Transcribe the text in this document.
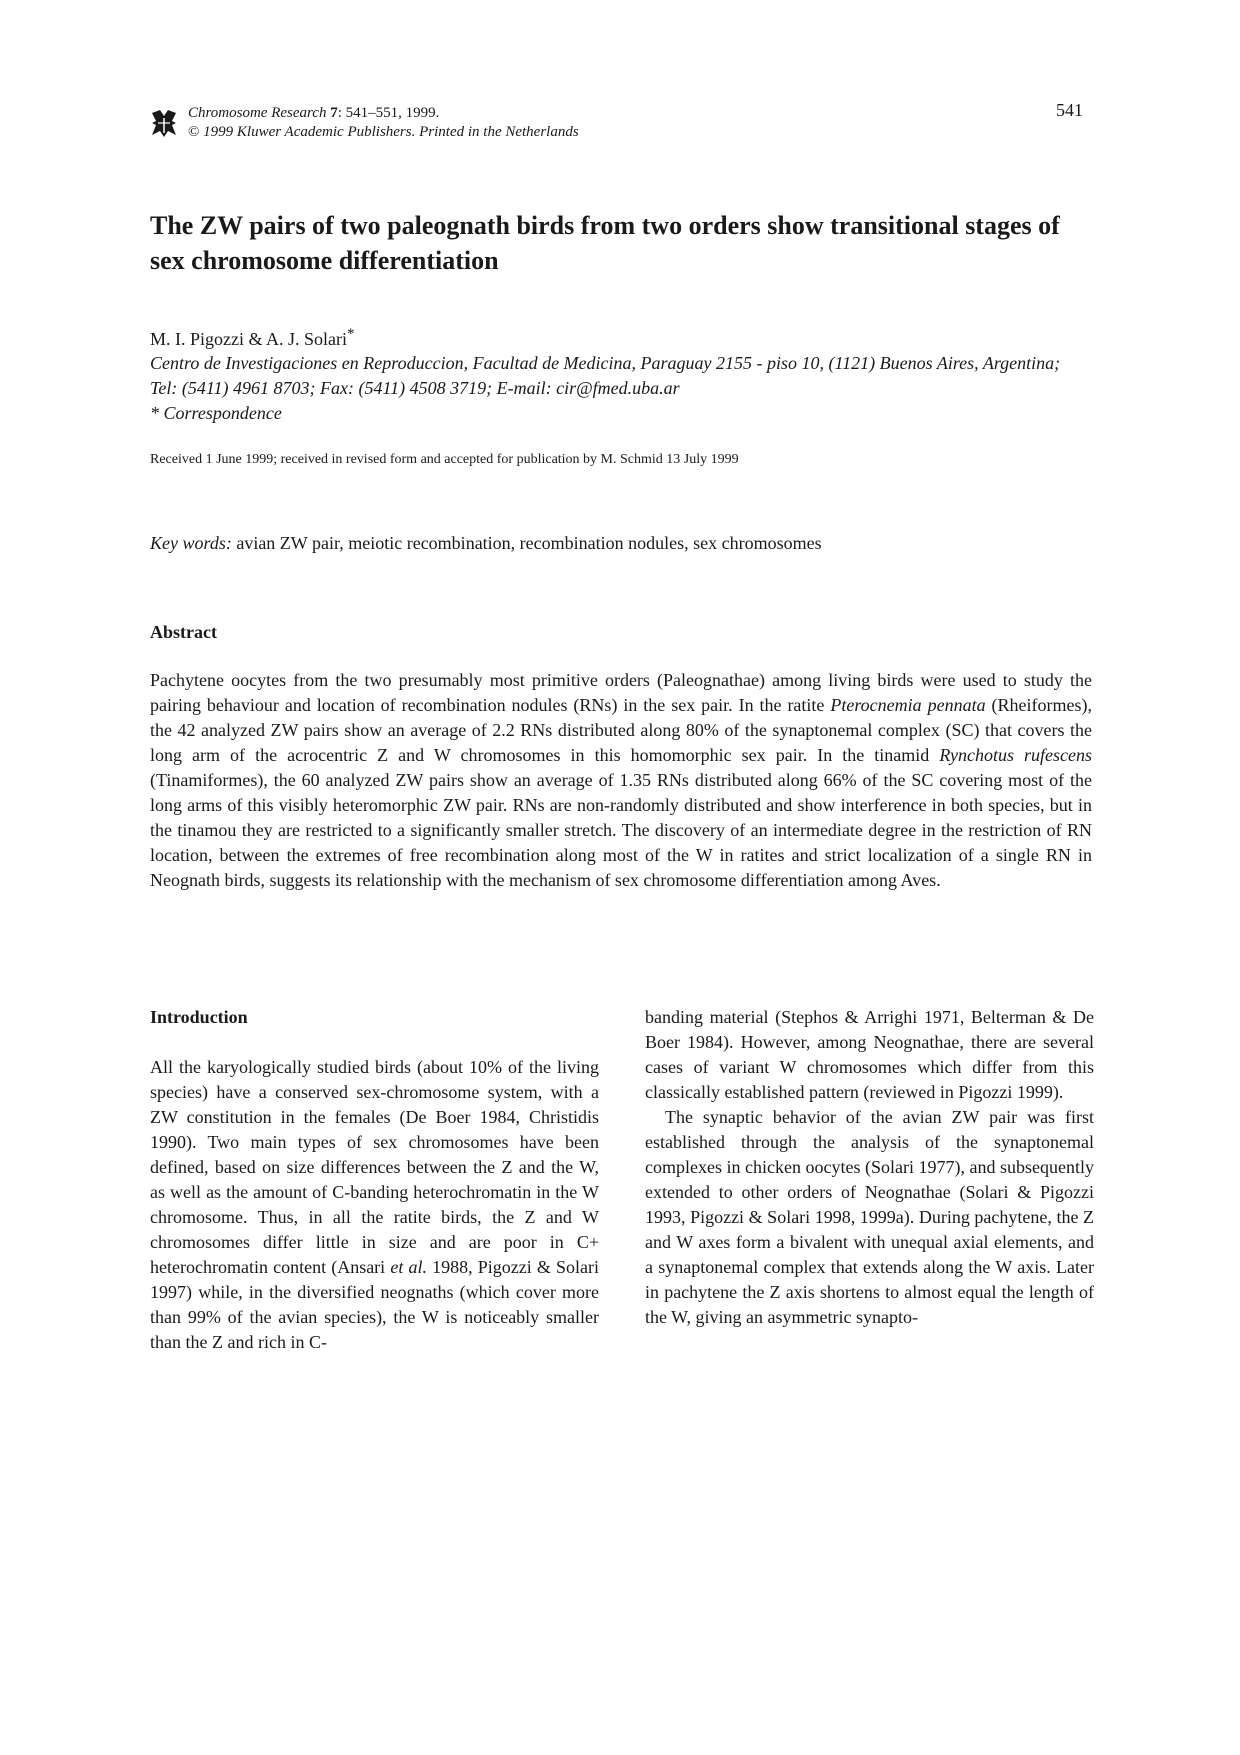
Chromosome Research 7: 541–551, 1999.
© 1999 Kluwer Academic Publishers. Printed in the Netherlands
541
The ZW pairs of two paleognath birds from two orders show transitional stages of sex chromosome differentiation
M. I. Pigozzi & A. J. Solari*
Centro de Investigaciones en Reproduccion, Facultad de Medicina, Paraguay 2155 - piso 10, (1121) Buenos Aires, Argentina; Tel: (5411) 4961 8703; Fax: (5411) 4508 3719; E-mail: cir@fmed.uba.ar
* Correspondence
Received 1 June 1999; received in revised form and accepted for publication by M. Schmid 13 July 1999
Key words: avian ZW pair, meiotic recombination, recombination nodules, sex chromosomes
Abstract

Pachytene oocytes from the two presumably most primitive orders (Paleognathae) among living birds were used to study the pairing behaviour and location of recombination nodules (RNs) in the sex pair. In the ratite Pterocnemia pennata (Rheiformes), the 42 analyzed ZW pairs show an average of 2.2 RNs distributed along 80% of the synaptonemal complex (SC) that covers the long arm of the acrocentric Z and W chromosomes in this homomorphic sex pair. In the tinamid Rynchotus rufescens (Tinamiformes), the 60 analyzed ZW pairs show an average of 1.35 RNs distributed along 66% of the SC covering most of the long arms of this visibly heteromorphic ZW pair. RNs are non-randomly distributed and show interference in both species, but in the tinamou they are restricted to a significantly smaller stretch. The discovery of an intermediate degree in the restriction of RN location, between the extremes of free recombination along most of the W in ratites and strict localization of a single RN in Neognath birds, suggests its relationship with the mechanism of sex chromosome differentiation among Aves.

Introduction

All the karyologically studied birds (about 10% of the living species) have a conserved sex-chromosome system, with a ZW constitution in the females (De Boer 1984, Christidis 1990). Two main types of sex chromosomes have been defined, based on size differences between the Z and the W, as well as the amount of C-banding heterochromatin in the W chromosome. Thus, in all the ratite birds, the Z and W chromosomes differ little in size and are poor in C+ heterochromatin content (Ansari et al. 1988, Pigozzi & Solari 1997) while, in the diversified neognaths (which cover more than 99% of the avian species), the W is noticeably smaller than the Z and rich in C-

banding material (Stephos & Arrighi 1971, Belterman & De Boer 1984). However, among Neognathae, there are several cases of variant W chromosomes which differ from this classically established pattern (reviewed in Pigozzi 1999).

The synaptic behavior of the avian ZW pair was first established through the analysis of the synaptonemal complexes in chicken oocytes (Solari 1977), and subsequently extended to other orders of Neognathae (Solari & Pigozzi 1993, Pigozzi & Solari 1998, 1999a). During pachytene, the Z and W axes form a bivalent with unequal axial elements, and a synaptonemal complex that extends along the W axis. Later in pachytene the Z axis shortens to almost equal the length of the W, giving an asymmetric synapto-
